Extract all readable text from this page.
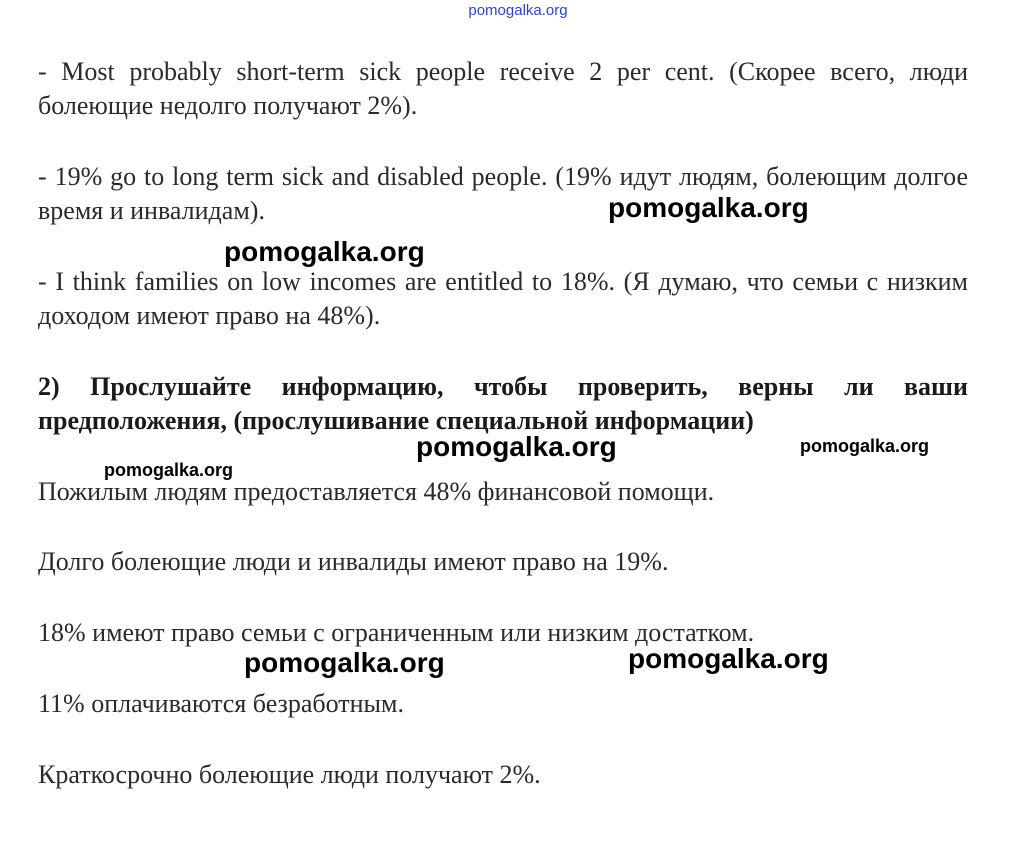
pomogalka.org
- Most probably short-term sick people receive 2 per cent. (Скорее всего, люди болеющие недолго получают 2%).
- 19% go to long term sick and disabled people. (19% идут людям, болеющим долгое время и инвалидам).
- I think families on low incomes are entitled to 18%. (Я думаю, что семьи с низким доходом имеют право на 48%).
2) Прослушайте информацию, чтобы проверить, верны ли ваши предположения, (прослушивание специальной информации)
Пожилым людям предоставляется 48% финансовой помощи.
Долго болеющие люди и инвалиды имеют право на 19%.
18% имеют право семьи с ограниченным или низким достатком.
11% оплачиваются безработным.
Краткосрочно болеющие люди получают 2%.
pomogalka.org
pomogalka.org
pomogalka.org	pomogalka.org
pomogalka.org
pomogalka.org	pomogalka.org
